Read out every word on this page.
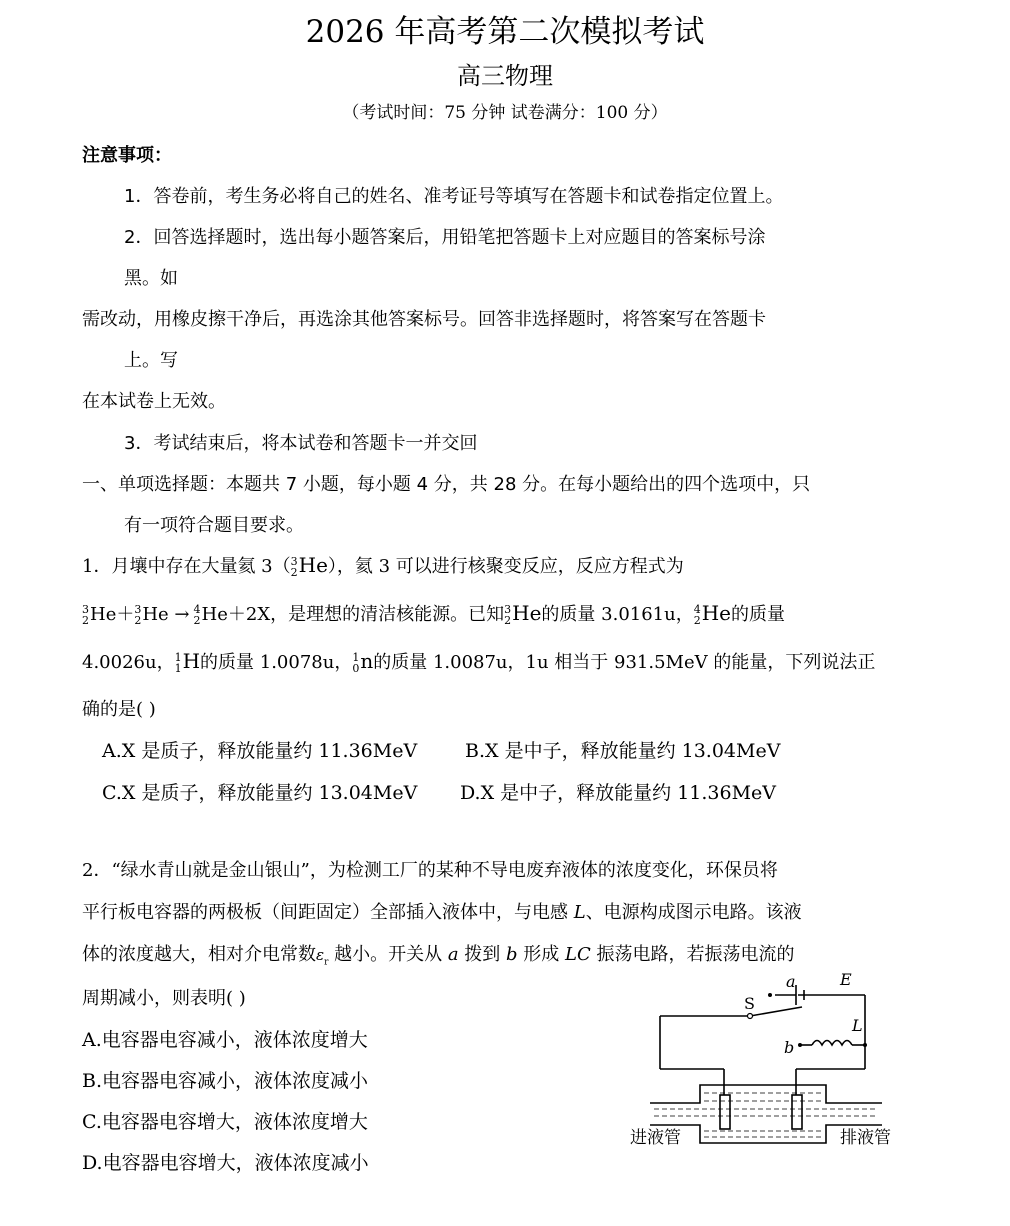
2026 年高考第二次模拟考试
高三物理
（考试时间：75 分钟 试卷满分：100 分）
注意事项：
1．答卷前，考生务必将自己的姓名、准考证号等填写在答题卡和试卷指定位置上。
2．回答选择题时，选出每小题答案后，用铅笔把答题卡上对应题目的答案标号涂
黑。如
需改动，用橡皮擦干净后，再选涂其他答案标号。回答非选择题时，将答案写在答题卡
上。写
在本试卷上无效。
3．考试结束后，将本试卷和答题卡一并交回
一、单项选择题：本题共 7 小题，每小题 4 分，共 28 分。在每小题给出的四个选项中，只
有一项符合题目要求。
1．月壤中存在大量氦 3（ 3
2 He），氦 3 可以进行核聚变反应，反应方程式为
3
2 He＋ 3
2 He → 4
2 He＋2X，是理想的清洁核能源。已知 3
2 He的质量 3.0161u， 4
2 He的质量
4.0026u， 1
1 H的质量 1.0078u， 1
0 n的质量 1.0087u，1u 相当于 931.5MeV 的能量，下列说法正
确的是( )
A.X 是质子，释放能量约 11.36MeV	B.X 是中子，释放能量约 13.04MeV
C.X 是质子，释放能量约 13.04MeV D.X 是中子，释放能量约 11.36MeV
2．“绿水青山就是金山银山”，为检测工厂的某种不导电废弃液体的浓度变化，环保员将
平行板电容器的两极板（间距固定）全部插入液体中，与电感 L、电源构成图示电路。该液
体的浓度越大，相对介电常数$\varepsilon_r$ 越小。开关从 a 拨到 b 形成 LC 振荡电路，若振荡电流的
周期减小，则表明( )
A.电容器电容减小，液体浓度增大
B.电容器电容减小，液体浓度减小
C.电容器电容增大，液体浓度增大
D.电容器电容增大，液体浓度减小
a	E
S
L
b
进液管	排液管
